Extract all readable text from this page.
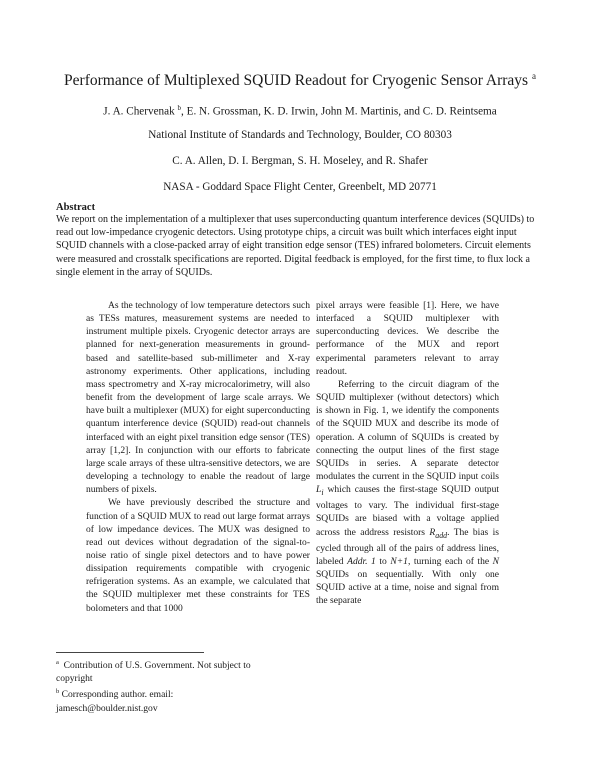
Performance of Multiplexed SQUID Readout for Cryogenic Sensor Arrays $^a$
J. A. Chervenak $^b$, E. N. Grossman, K. D. Irwin, John M. Martinis, and C. D. Reintsema
National Institute of Standards and Technology, Boulder, CO 80303
C. A. Allen, D. I. Bergman, S. H. Moseley, and R. Shafer
NASA - Goddard Space Flight Center, Greenbelt, MD 20771
Abstract

We report on the implementation of a multiplexer that uses superconducting quantum interference devices (SQUIDs) to read out low-impedance cryogenic detectors. Using prototype chips, a circuit was built which interfaces eight input SQUID channels with a close-packed array of eight transition edge sensor (TES) infrared bolometers. Circuit elements were measured and crosstalk specifications are reported. Digital feedback is employed, for the first time, to flux lock a single element in the array of SQUIDs.

As the technology of low temperature detectors such as TESs matures, measurement systems are needed to instrument multiple pixels. Cryogenic detector arrays are planned for next-generation measurements in ground-based and satellite-based sub-millimeter and X-ray astronomy experiments. Other applications, including mass spectrometry and X-ray microcalorimetry, will also benefit from the development of large scale arrays. We have built a multiplexer (MUX) for eight superconducting quantum interference device (SQUID) read-out channels interfaced with an eight pixel transition edge sensor (TES) array [1,2]. In conjunction with our efforts to fabricate large scale arrays of these ultra-sensitive detectors, we are developing a technology to enable the readout of large numbers of pixels.

We have previously described the structure and function of a SQUID MUX to read out large format arrays of low impedance devices. The MUX was designed to read out devices without degradation of the signal-to-noise ratio of single pixel detectors and to have power dissipation requirements compatible with cryogenic refrigeration systems. As an example, we calculated that the SQUID multiplexer met these constraints for TES bolometers and that 1000

pixel arrays were feasible [1]. Here, we have interfaced a SQUID multiplexer with superconducting devices. We describe the performance of the MUX and report experimental parameters relevant to array readout.

Referring to the circuit diagram of the SQUID multiplexer (without detectors) which is shown in Fig. 1, we identify the components of the SQUID MUX and describe its mode of operation. A column of SQUIDs is created by connecting the output lines of the first stage SQUIDs in series. A separate detector modulates the current in the SQUID input coils $L_i$ which causes the first-stage SQUID output voltages to vary. The individual first-stage SQUIDs are biased with a voltage applied across the address resistors $R_{add}$. The bias is cycled through all of the pairs of address lines, labeled Addr. 1 to N+1, turning each of the N SQUIDs on sequentially. With only one SQUID active at a time, noise and signal from the separate

$^a$ Contribution of U.S. Government. Not subject to copyright

$^b$ Corresponding author. email: jamesch@boulder.nist.gov
